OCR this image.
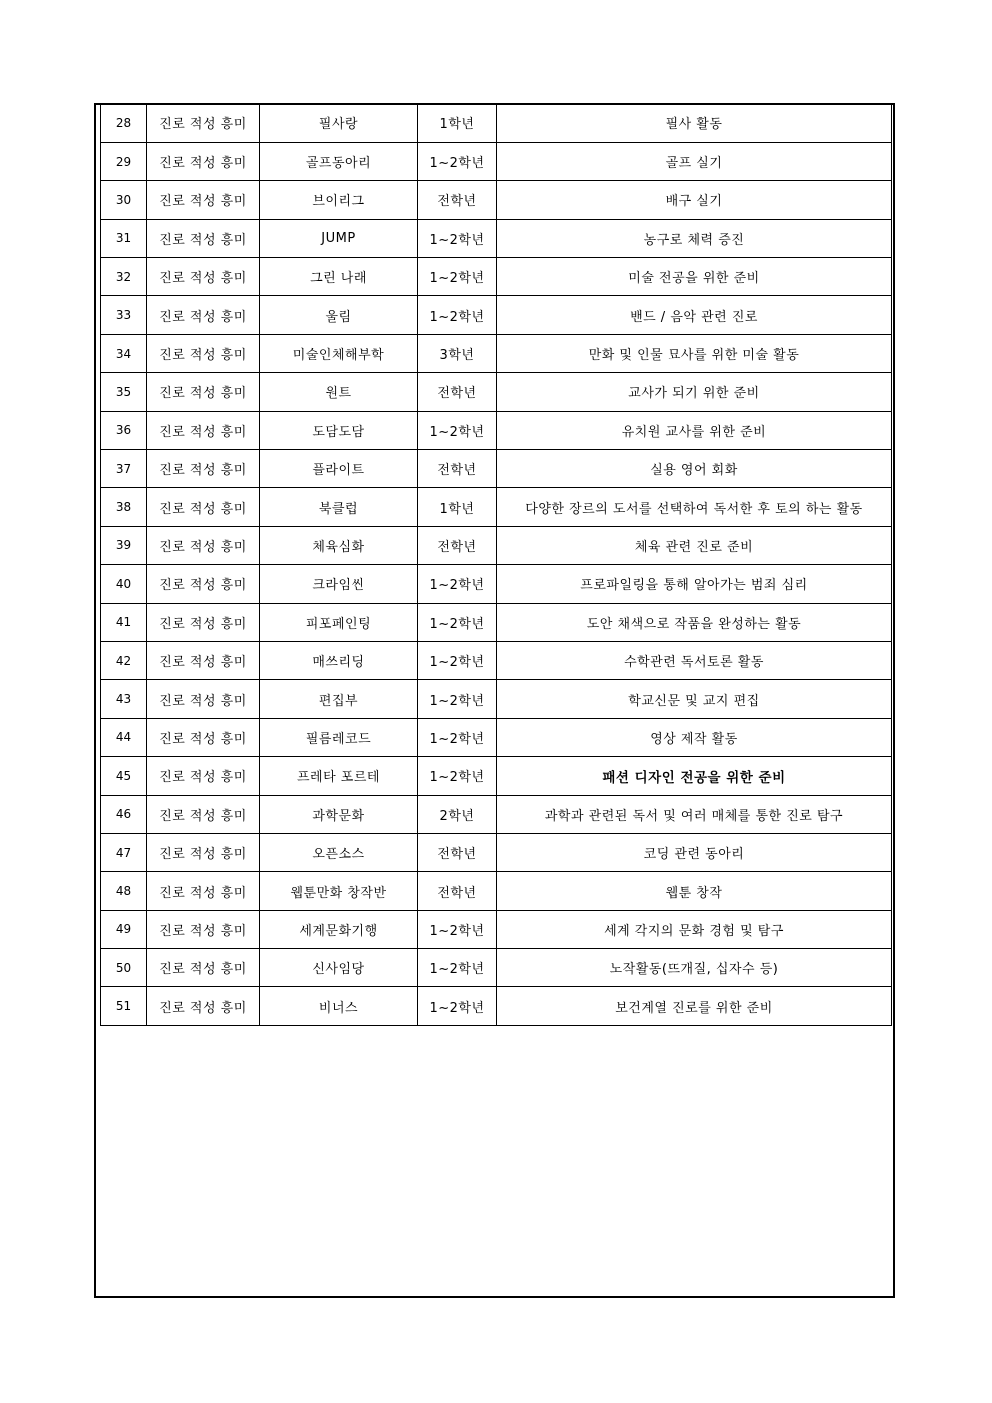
28	진로 적성 흥미	필사랑	1학년	필사 활동
29	진로 적성 흥미	골프동아리	1~2학년	골프 실기
30	진로 적성 흥미	브이리그	전학년	배구 실기
31	진로 적성 흥미	JUMP	1~2학년	농구로 체력 증진
32	진로 적성 흥미	그린 나래	1~2학년	미술 전공을 위한 준비
33	진로 적성 흥미	울림	1~2학년	밴드 / 음악 관련 진로
34	진로 적성 흥미	미술인체해부학	3학년	만화 및 인물 묘사를 위한 미술 활동
35	진로 적성 흥미	원트	전학년	교사가 되기 위한 준비
36	진로 적성 흥미	도담도담	1~2학년	유치원 교사를 위한 준비
37	진로 적성 흥미	플라이트	전학년	실용 영어 회화
38	진로 적성 흥미	북클럽	1학년	다양한 장르의 도서를 선택하여 독서한 후 토의 하는 활동
39	진로 적성 흥미	체육심화	전학년	체육 관련 진로 준비
40	진로 적성 흥미	크라임씬	1~2학년	프로파일링을 통해 알아가는 범죄 심리
41	진로 적성 흥미	피포페인팅	1~2학년	도안 채색으로 작품을 완성하는 활동
42	진로 적성 흥미	매쓰리딩	1~2학년	수학관련 독서토론 활동
43	진로 적성 흥미	편집부	1~2학년	학교신문 및 교지 편집
44	진로 적성 흥미	필름레코드	1~2학년	영상 제작 활동
45	진로 적성 흥미	프레타 포르테	1~2학년	패션 디자인 전공을 위한 준비
46	진로 적성 흥미	과학문화	2학년	과학과 관련된 독서 및 여러 매체를 통한 진로 탐구
47	진로 적성 흥미	오픈소스	전학년	코딩 관련 동아리
48	진로 적성 흥미	웹툰만화 창작반	전학년	웹툰 창작
49	진로 적성 흥미	세계문화기행	1~2학년	세계 각지의 문화 경험 및 탐구
50	진로 적성 흥미	신사임당	1~2학년	노작활동(뜨개질, 십자수 등)
51	진로 적성 흥미	비너스	1~2학년	보건계열 진로를 위한 준비
